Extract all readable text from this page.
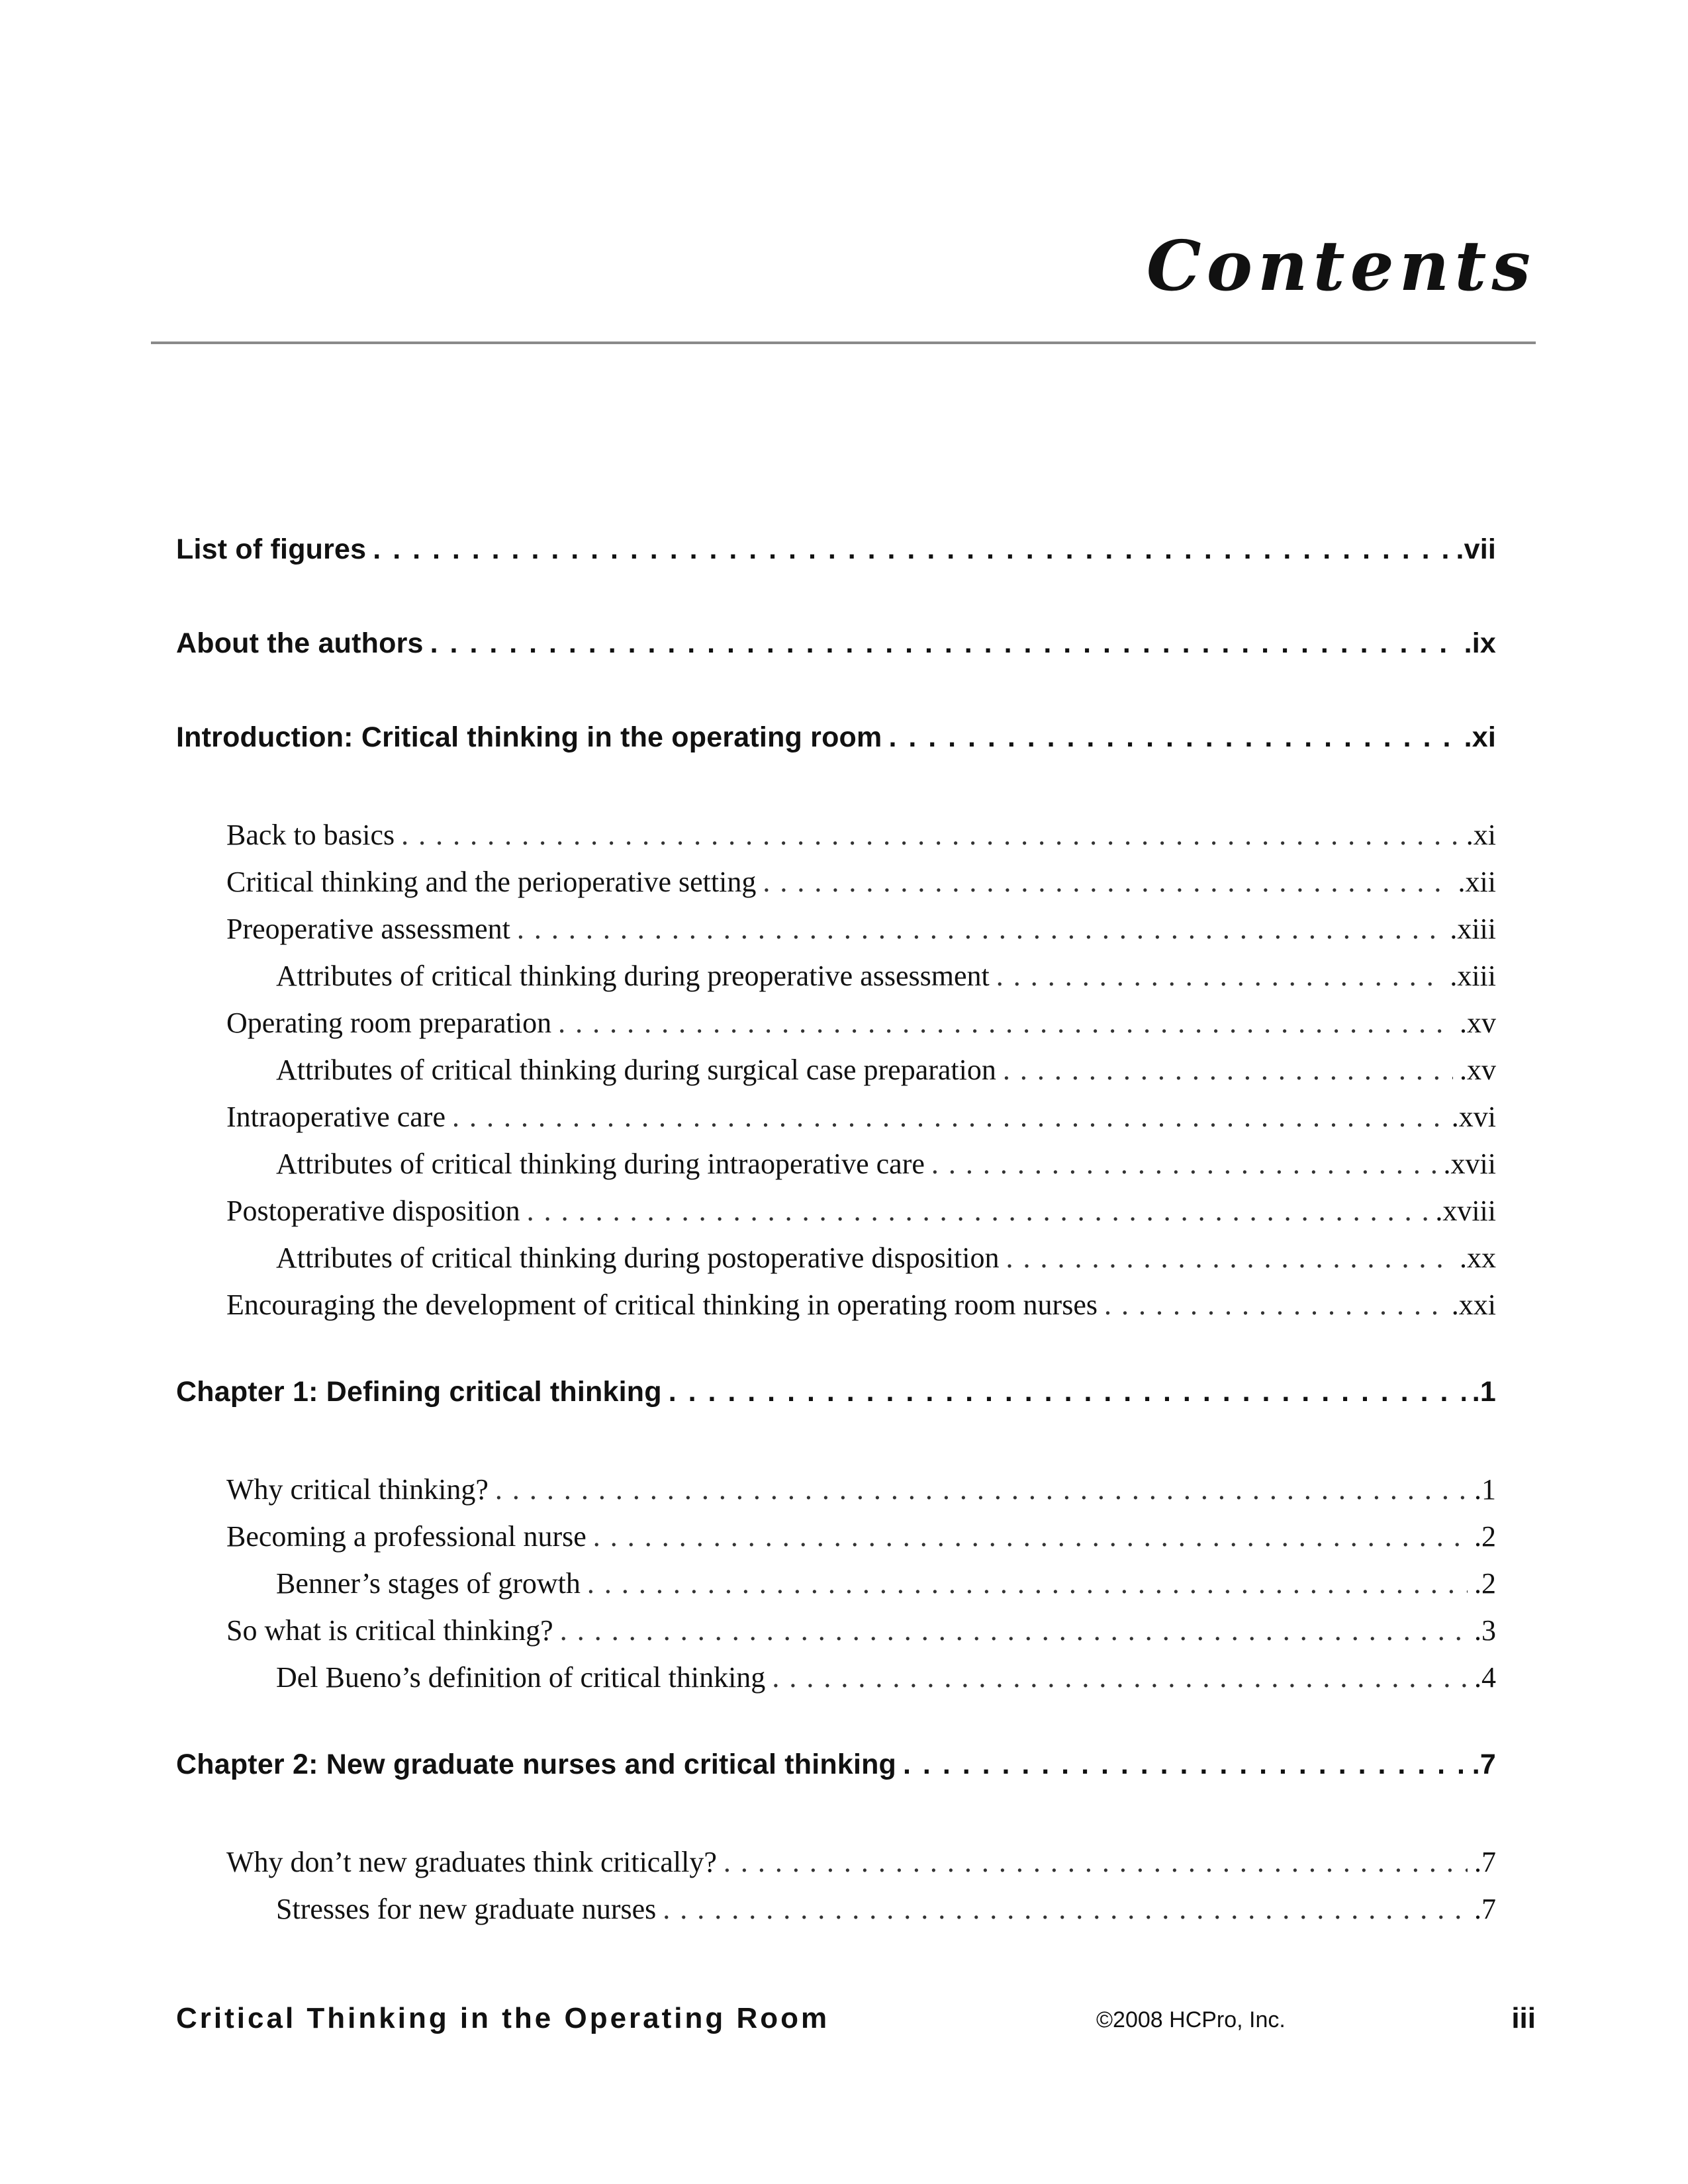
Contents
List of figures . . .	.vii
About the authors . . .	.ix
Introduction: Critical thinking in the operating room . . .	.xi
Back to basics . . .	.xi
Critical thinking and the perioperative setting . . .	.xii
Preoperative assessment . . .	.xiii
Attributes of critical thinking during preoperative assessment . . .	.xiii
Operating room preparation . . .	.xv
Attributes of critical thinking during surgical case preparation . . .	.xv
Intraoperative care . . .	.xvi
Attributes of critical thinking during intraoperative care . . .	.xvii
Postoperative disposition . . .	.xviii
Attributes of critical thinking during postoperative disposition . . .	.xx
Encouraging the development of critical thinking in operating room nurses . . .	.xxi
Chapter 1: Defining critical thinking . . .	.1
Why critical thinking? . . .	.1
Becoming a professional nurse . . .	.2
Benner’s stages of growth . . .	.2
So what is critical thinking? . . .	.3
Del Bueno’s definition of critical thinking . . .	.4
Chapter 2: New graduate nurses and critical thinking . . .	.7
Why don’t new graduates think critically? . . .	.7
Stresses for new graduate nurses . . .	.7
Critical Thinking in the Operating Room	©2008 HCPro, Inc.	iii
